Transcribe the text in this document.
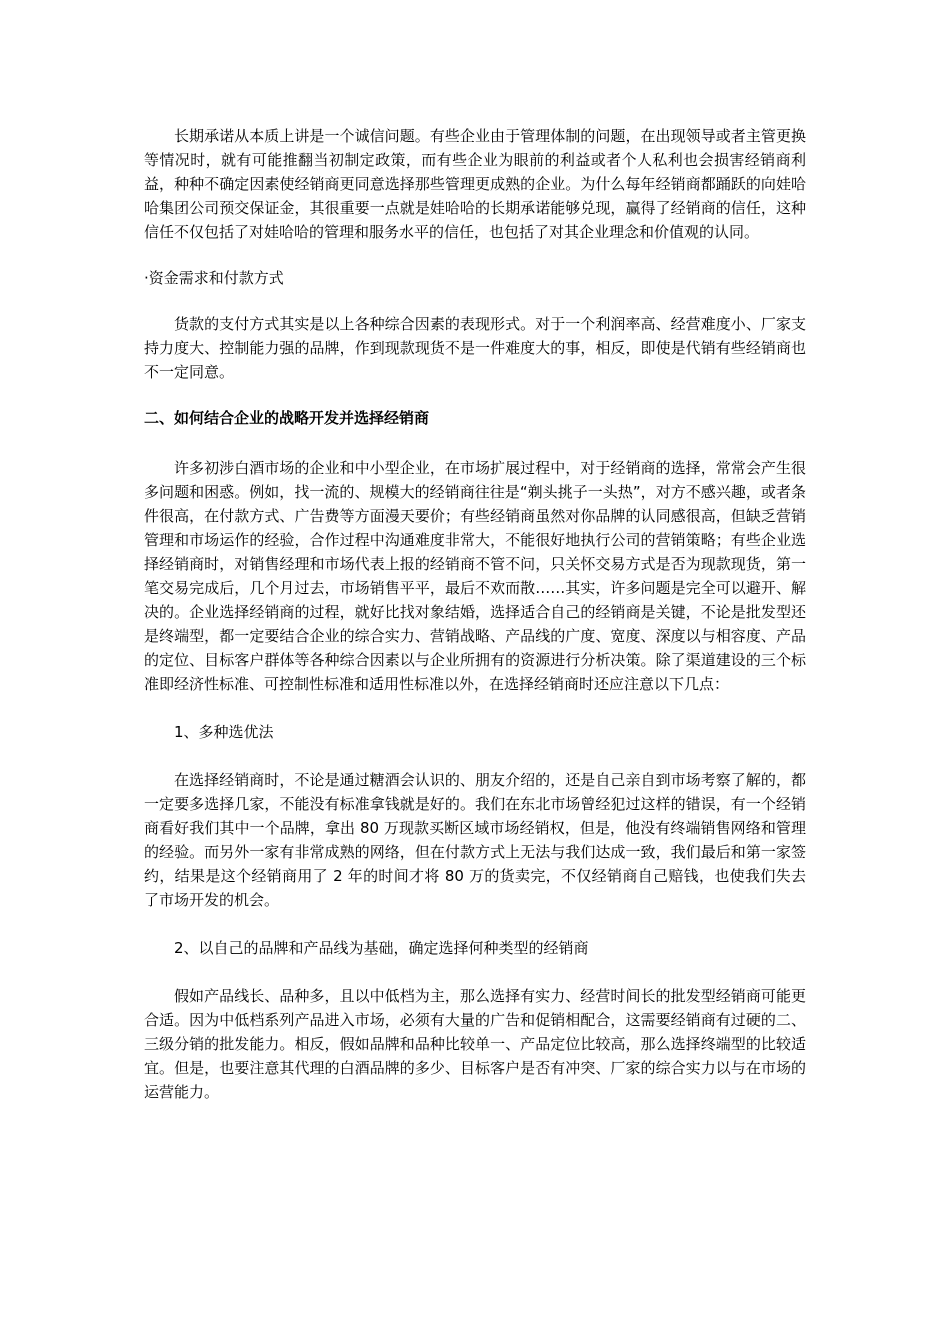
长期承诺从本质上讲是一个诚信问题。有些企业由于管理体制的问题，在出现领导或者主管更换等情况时，就有可能推翻当初制定政策，而有些企业为眼前的利益或者个人私利也会损害经销商利益，种种不确定因素使经销商更同意选择那些管理更成熟的企业。为什么每年经销商都踊跃的向娃哈哈集团公司预交保证金，其很重要一点就是娃哈哈的长期承诺能够兑现，赢得了经销商的信任，这种信任不仅包括了对娃哈哈的管理和服务水平的信任，也包括了对其企业理念和价值观的认同。

·资金需求和付款方式

货款的支付方式其实是以上各种综合因素的表现形式。对于一个利润率高、经营难度小、厂家支持力度大、控制能力强的品牌，作到现款现货不是一件难度大的事，相反，即使是代销有些经销商也不一定同意。

二、如何结合企业的战略开发并选择经销商

许多初涉白酒市场的企业和中小型企业，在市场扩展过程中，对于经销商的选择，常常会产生很多问题和困惑。例如，找一流的、规模大的经销商往往是“剃头挑子一头热”，对方不感兴趣，或者条件很高，在付款方式、广告费等方面漫天要价；有些经销商虽然对你品牌的认同感很高，但缺乏营销管理和市场运作的经验，合作过程中沟通难度非常大，不能很好地执行公司的营销策略；有些企业选择经销商时，对销售经理和市场代表上报的经销商不管不问，只关怀交易方式是否为现款现货，第一笔交易完成后，几个月过去，市场销售平平，最后不欢而散……其实，许多问题是完全可以避开、解决的。企业选择经销商的过程，就好比找对象结婚，选择适合自己的经销商是关键，不论是批发型还是终端型，都一定要结合企业的综合实力、营销战略、产品线的广度、宽度、深度以与相容度、产品的定位、目标客户群体等各种综合因素以与企业所拥有的资源进行分析决策。除了渠道建设的三个标准即经济性标准、可控制性标准和适用性标准以外，在选择经销商时还应注意以下几点：

1、多种选优法

在选择经销商时，不论是通过糖酒会认识的、朋友介绍的，还是自己亲自到市场考察了解的，都一定要多选择几家，不能没有标准拿钱就是好的。我们在东北市场曾经犯过这样的错误，有一个经销商看好我们其中一个品牌，拿出 80 万现款买断区域市场经销权，但是，他没有终端销售网络和管理的经验。而另外一家有非常成熟的网络，但在付款方式上无法与我们达成一致，我们最后和第一家签约，结果是这个经销商用了 2 年的时间才将 80 万的货卖完，不仅经销商自己赔钱，也使我们失去了市场开发的机会。

2、以自己的品牌和产品线为基础，确定选择何种类型的经销商

假如产品线长、品种多，且以中低档为主，那么选择有实力、经营时间长的批发型经销商可能更合适。因为中低档系列产品进入市场，必须有大量的广告和促销相配合，这需要经销商有过硬的二、三级分销的批发能力。相反，假如品牌和品种比较单一、产品定位比较高，那么选择终端型的比较适宜。但是，也要注意其代理的白酒品牌的多少、目标客户是否有冲突、厂家的综合实力以与在市场的运营能力。
